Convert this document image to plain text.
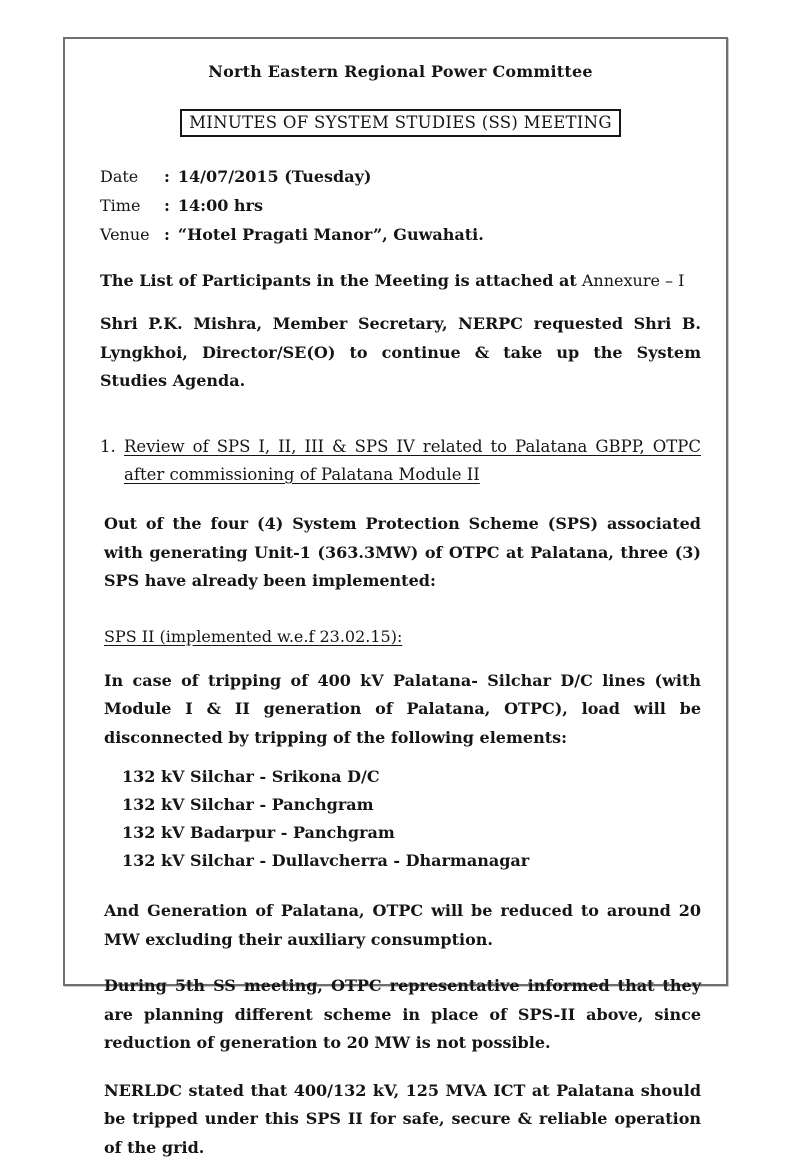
North Eastern Regional Power Committee
MINUTES OF SYSTEM STUDIES (SS) MEETING
Date	: 14/07/2015 (Tuesday)
Time	: 14:00 hrs
Venue : “Hotel Pragati Manor”, Guwahati.
The List of Participants in the Meeting is attached at Annexure – I
Shri P.K. Mishra, Member Secretary, NERPC requested Shri B. Lyngkhoi, Director/SE(O) to continue & take up the System Studies Agenda.
1. Review of SPS I, II, III & SPS IV related to Palatana GBPP, OTPC after commissioning of Palatana Module II
Out of the four (4) System Protection Scheme (SPS) associated with generating Unit-1 (363.3MW) of OTPC at Palatana, three (3) SPS have already been implemented:
SPS II (implemented w.e.f 23.02.15):
In case of tripping of 400 kV Palatana- Silchar D/C lines (with Module I & II generation of Palatana, OTPC), load will be disconnected by tripping of the following elements:
132 kV Silchar - Srikona D/C
132 kV Silchar - Panchgram
132 kV Badarpur - Panchgram
132 kV Silchar - Dullavcherra - Dharmanagar
And Generation of Palatana, OTPC will be reduced to around 20 MW excluding their auxiliary consumption.
During 5th SS meeting, OTPC representative informed that they are planning different scheme in place of SPS-II above, since reduction of generation to 20 MW is not possible.
NERLDC stated that 400/132 kV, 125 MVA ICT at Palatana should be tripped under this SPS II for safe, secure & reliable operation of the grid.
